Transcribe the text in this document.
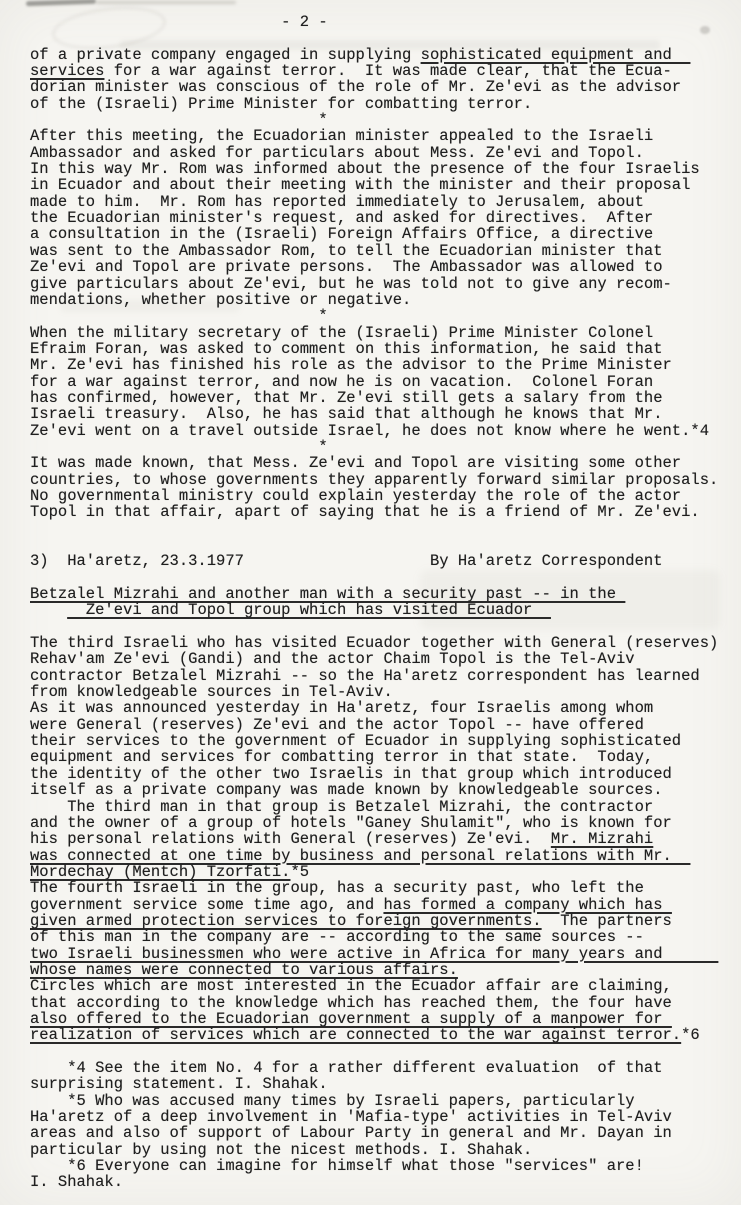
- 2 -
of a private company engaged in supplying sophisticated equipment and
services for a war against terror.  It was made clear, that the Ecua-
dorian minister was conscious of the role of Mr. Ze'evi as the advisor
of the (Israeli) Prime Minister for combatting terror.
*
After this meeting, the Ecuadorian minister appealed to the Israeli
Ambassador and asked for particulars about Mess. Ze'evi and Topol.
In this way Mr. Rom was informed about the presence of the four Israelis
in Ecuador and about their meeting with the minister and their proposal
made to him.  Mr. Rom has reported immediately to Jerusalem, about
the Ecuadorian minister's request, and asked for directives.  After
a consultation in the (Israeli) Foreign Affairs Office, a directive
was sent to the Ambassador Rom, to tell the Ecuadorian minister that
Ze'evi and Topol are private persons.  The Ambassador was allowed to
give particulars about Ze'evi, but he was told not to give any recom-
mendations, whether positive or negative.
*
When the military secretary of the (Israeli) Prime Minister Colonel
Efraim Foran, was asked to comment on this information, he said that
Mr. Ze'evi has finished his role as the advisor to the Prime Minister
for a war against terror, and now he is on vacation.  Colonel Foran
has confirmed, however, that Mr. Ze'evi still gets a salary from the
Israeli treasury.  Also, he has said that although he knows that Mr.
Ze'evi went on a travel outside Israel, he does not know where he went.*4
*
It was made known, that Mess. Ze'evi and Topol are visiting some other
countries, to whose governments they apparently forward similar proposals.
No governmental ministry could explain yesterday the role of the actor
Topol in that affair, apart of saying that he is a friend of Mr. Ze'evi.
3)  Ha'aretz, 23.3.1977	By Ha'aretz Correspondent
Betzalel Mizrahi and another man with a security past -- in the
Ze'evi and Topol group which has visited Ecuador
The third Israeli who has visited Ecuador together with General (reserves)
Rehav'am Ze'evi (Gandi) and the actor Chaim Topol is the Tel-Aviv
contractor Betzalel Mizrahi -- so the Ha'aretz correspondent has learned
from knowledgeable sources in Tel-Aviv.
As it was announced yesterday in Ha'aretz, four Israelis among whom
were General (reserves) Ze'evi and the actor Topol -- have offered
their services to the government of Ecuador in supplying sophisticated
equipment and services for combatting terror in that state.  Today,
the identity of the other two Israelis in that group which introduced
itself as a private company was made known by knowledgeable sources.
The third man in that group is Betzalel Mizrahi, the contractor
and the owner of a group of hotels "Ganey Shulamit", who is known for
his personal relations with General (reserves) Ze'evi.  Mr. Mizrahi
was connected at one time by business and personal relations with Mr.
Mordechay (Mentch) Tzorfati.*5
The fourth Israeli in the group, has a security past, who left the
government service some time ago, and has formed a company which has
given armed protection services to foreign governments.  The partners
of this man in the company are -- according to the same sources --
two Israeli businessmen who were active in Africa for many years and
whose names were connected to various affairs.
Circles which are most interested in the Ecuador affair are claiming,
that according to the knowledge which has reached them, the four have
also offered to the Ecuadorian government a supply of a manpower for
realization of services which are connected to the war against terror.*6
*4 See the item No. 4 for a rather different evaluation  of that
surprising statement. I. Shahak.
*5 Who was accused many times by Israeli papers, particularly
Ha'aretz of a deep involvement in 'Mafia-type' activities in Tel-Aviv
areas and also of support of Labour Party in general and Mr. Dayan in
particular by using not the nicest methods. I. Shahak.
*6 Everyone can imagine for himself what those "services" are!
I. Shahak.
